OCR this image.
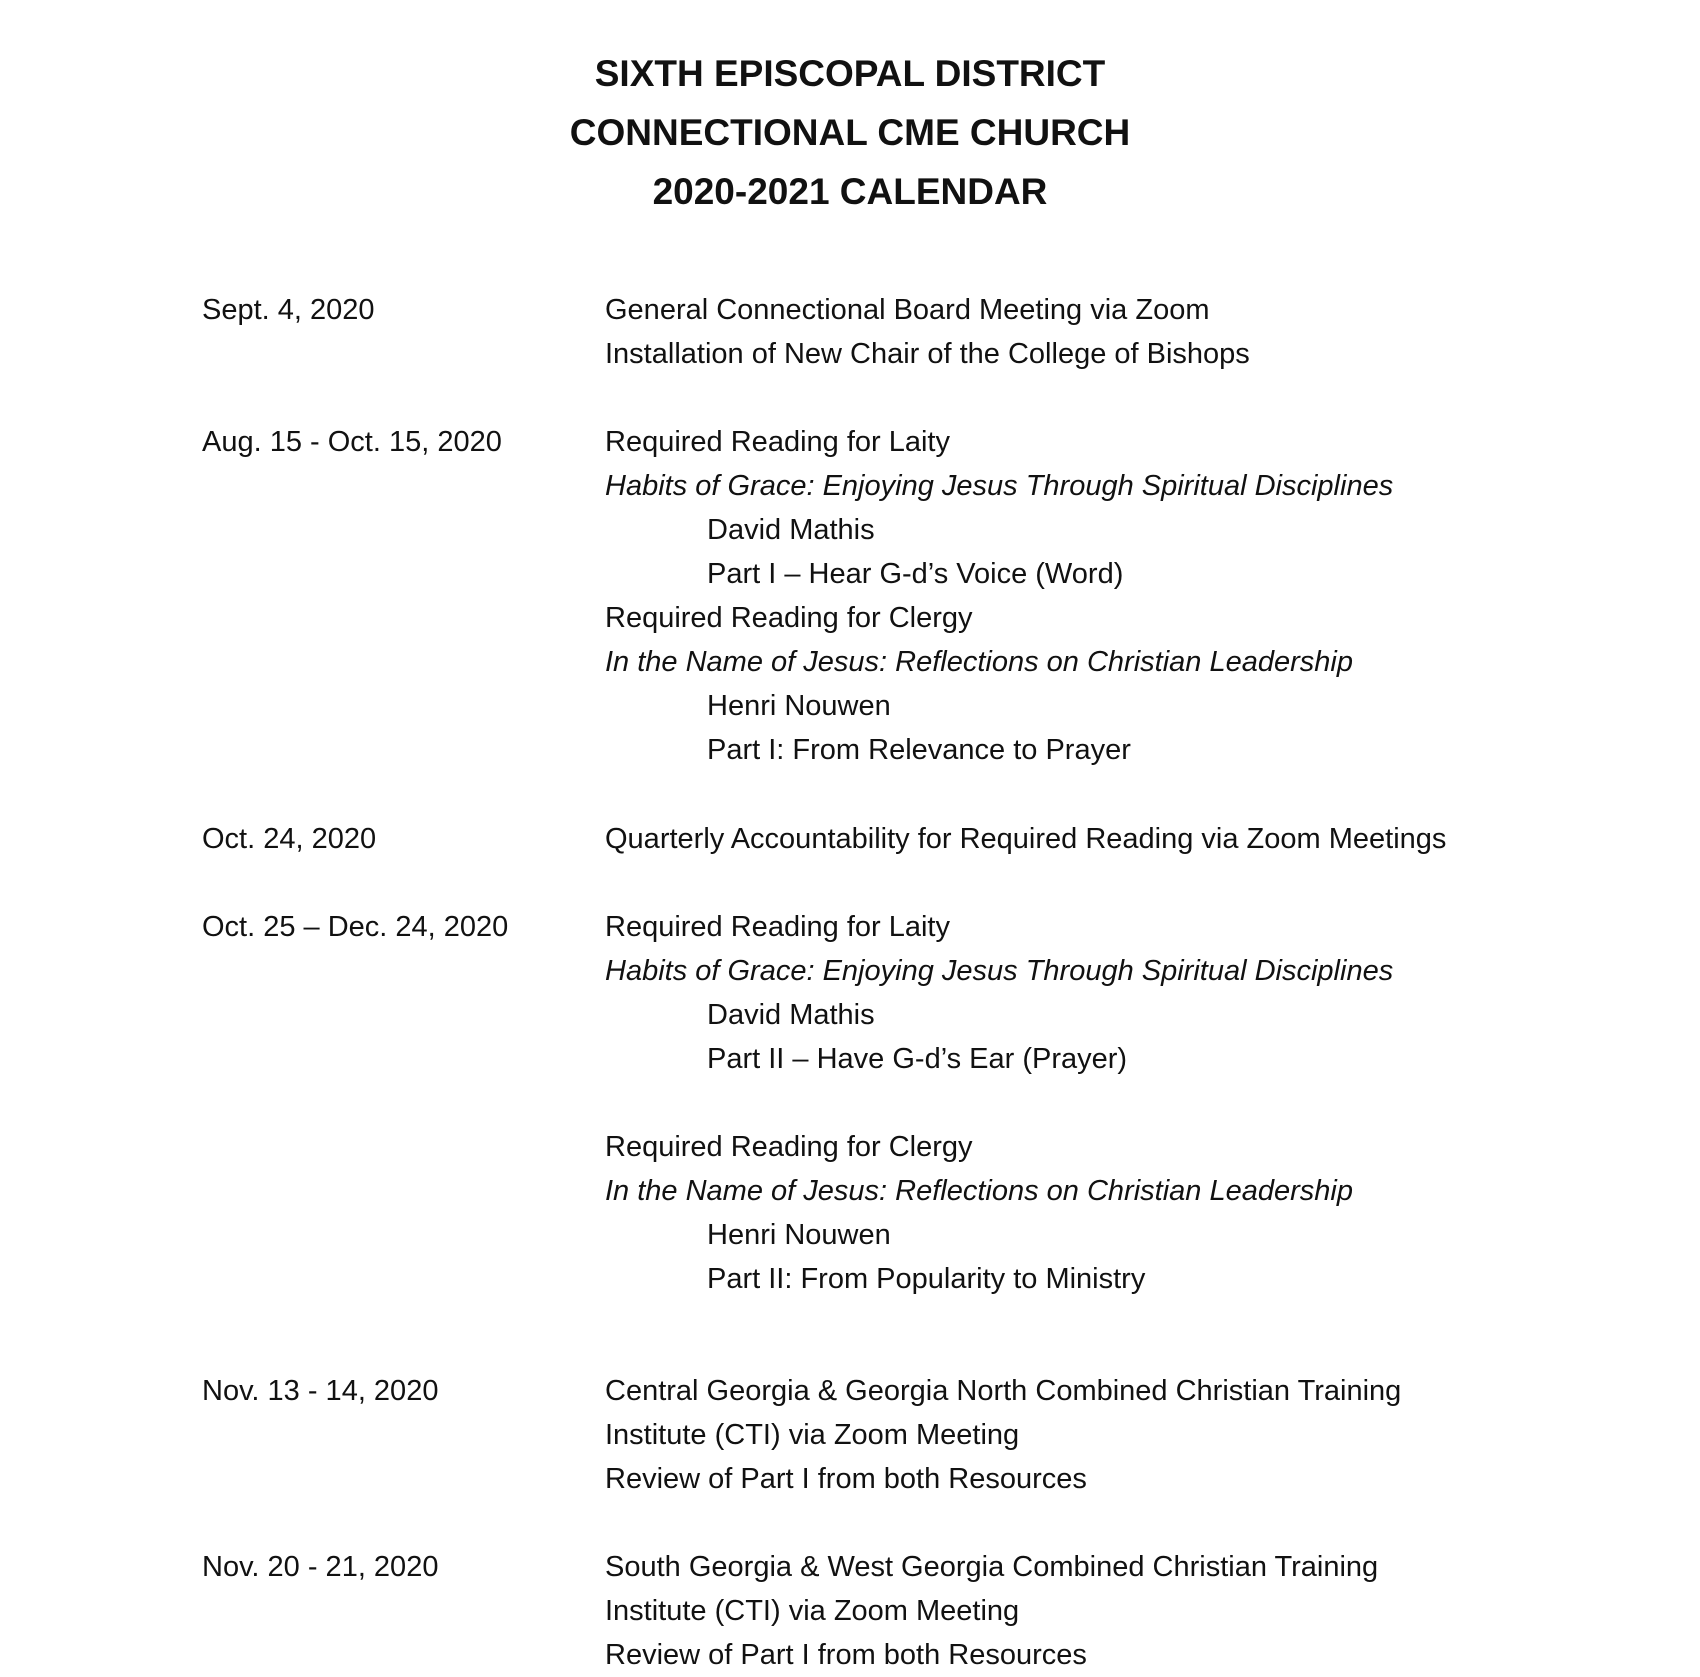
SIXTH EPISCOPAL DISTRICT
CONNECTIONAL CME CHURCH
2020-2021 CALENDAR
Sept. 4, 2020	General Connectional Board Meeting via Zoom
Installation of New Chair of the College of Bishops
Aug. 15 - Oct. 15, 2020	Required Reading for Laity
Habits of Grace: Enjoying Jesus Through Spiritual Disciplines
David Mathis
Part I – Hear G-d’s Voice (Word)
Required Reading for Clergy
In the Name of Jesus: Reflections on Christian Leadership
Henri Nouwen
Part I: From Relevance to Prayer
Oct. 24, 2020	Quarterly Accountability for Required Reading via Zoom Meetings
Oct. 25 – Dec. 24, 2020	Required Reading for Laity
Habits of Grace: Enjoying Jesus Through Spiritual Disciplines
David Mathis
Part II – Have G-d’s Ear (Prayer)
Required Reading for Clergy
In the Name of Jesus: Reflections on Christian Leadership
Henri Nouwen
Part II: From Popularity to Ministry
Nov. 13 - 14, 2020	Central Georgia & Georgia North Combined Christian Training
Institute (CTI) via Zoom Meeting
Review of Part I from both Resources
Nov. 20 - 21, 2020	South Georgia & West Georgia Combined Christian Training
Institute (CTI) via Zoom Meeting
Review of Part I from both Resources
